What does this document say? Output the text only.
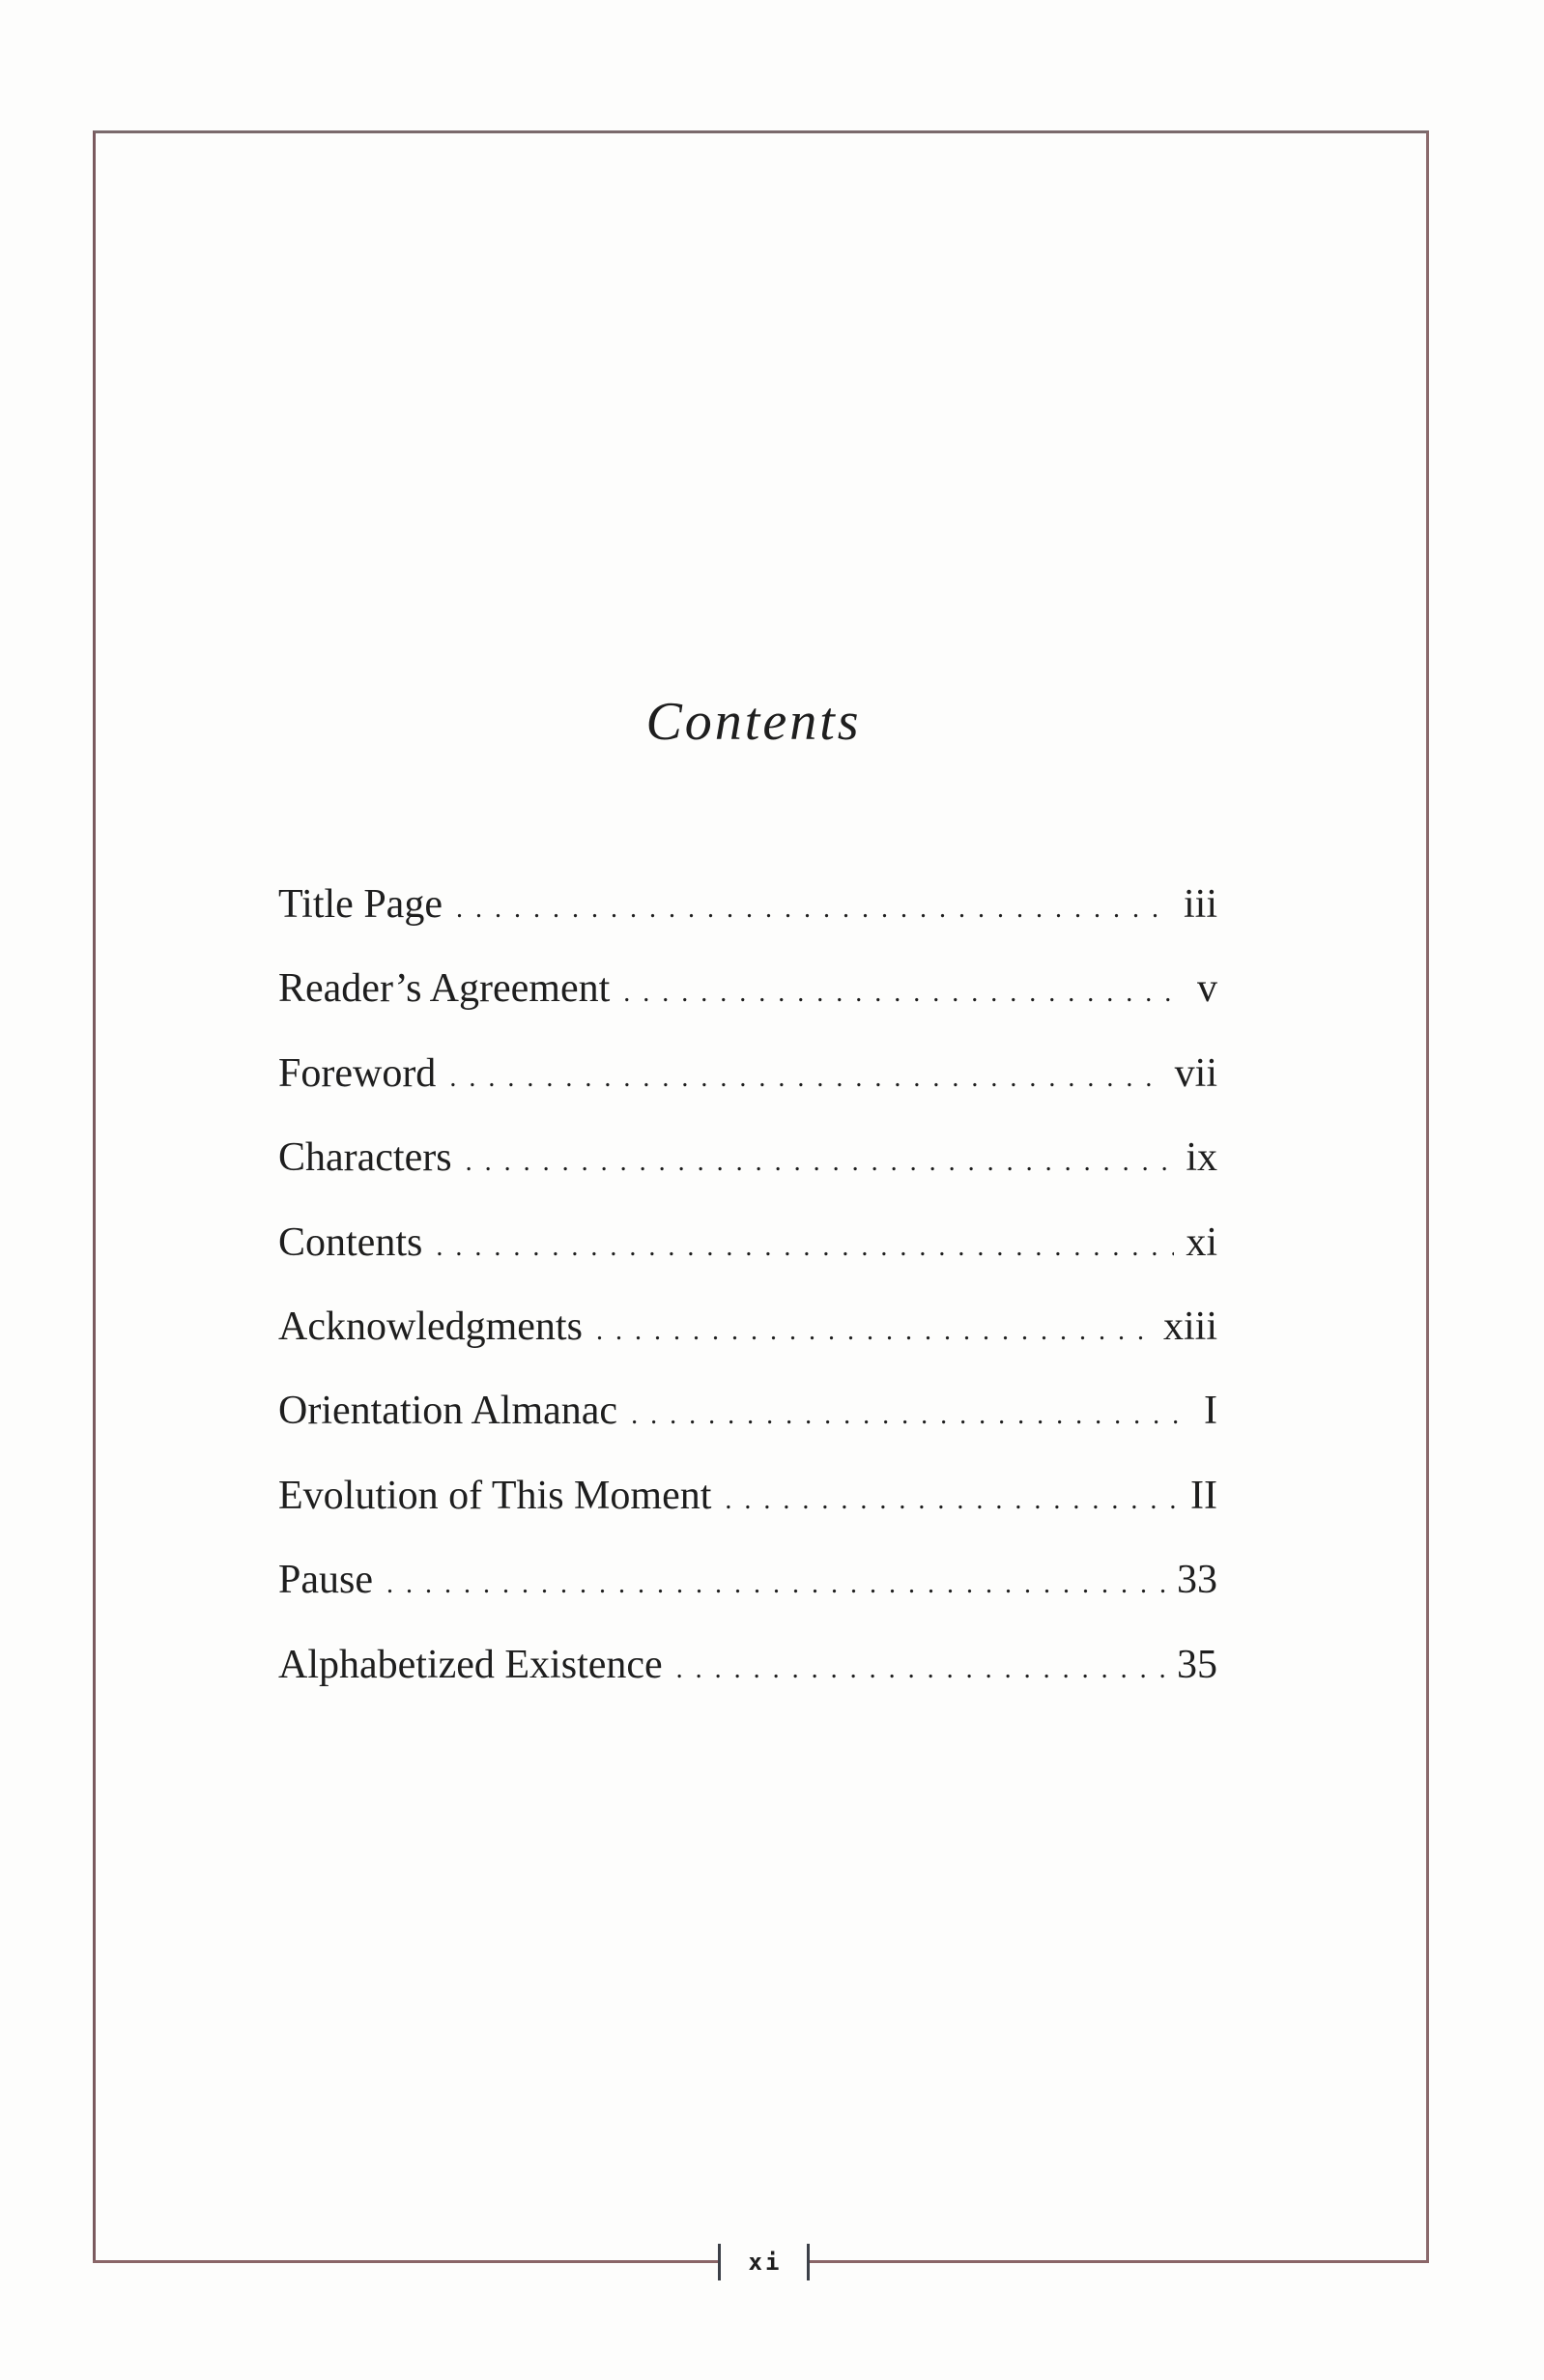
xi
Contents
Title Page . . .	iii
Reader’s Agreement . . .	v
Foreword . . .	vii
Characters . . .	ix
Contents . . .	xi
Acknowledgments . . .	xiii
Orientation Almanac . . .	I
Evolution of This Moment . . .	II
Pause . . .	33
Alphabetized Existence . . .	35
